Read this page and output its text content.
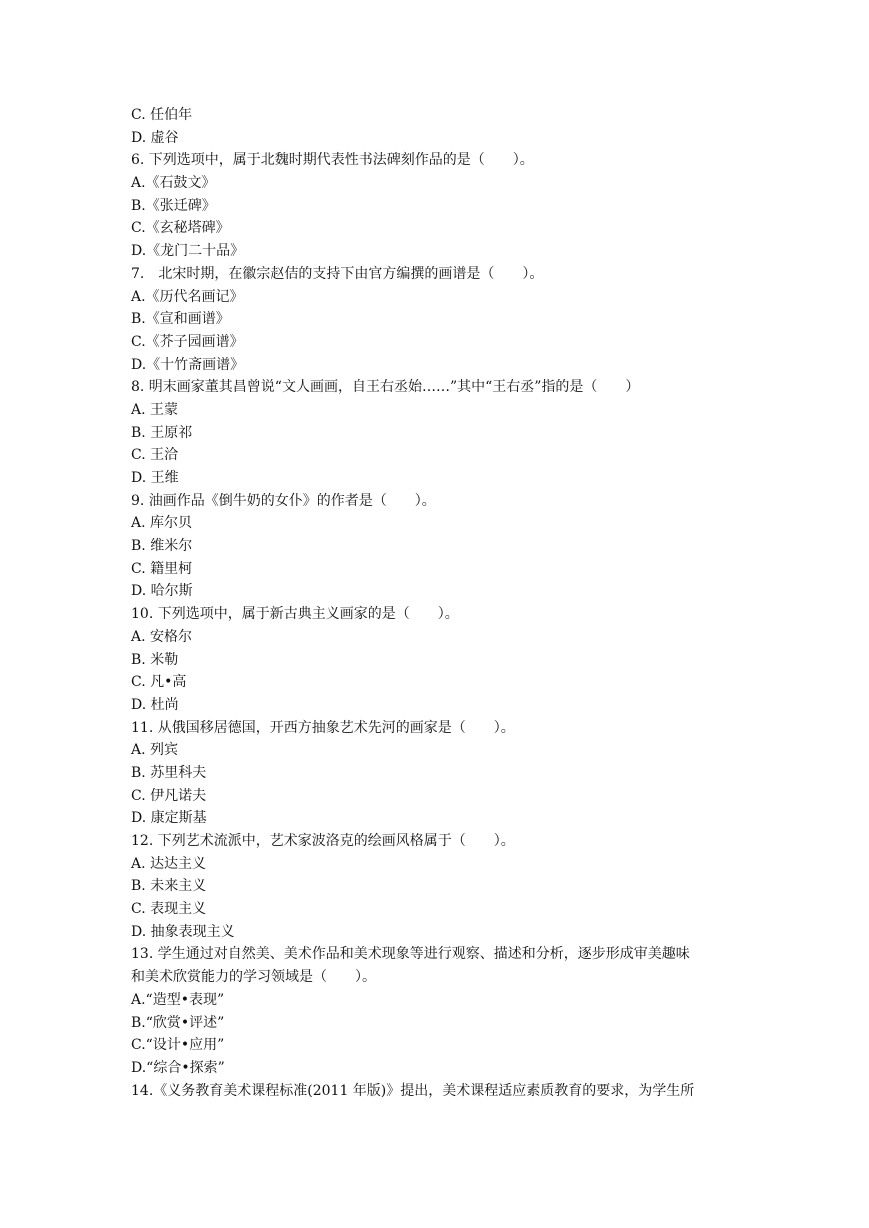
C. 任伯年
D. 虚谷
6. 下列选项中，属于北魏时期代表性书法碑刻作品的是（　　）。
A.《石鼓文》
B.《张迁碑》
C.《玄秘塔碑》
D.《龙门二十品》
7.　北宋时期，在徽宗赵佶的支持下由官方编撰的画谱是（　　）。
A.《历代名画记》
B.《宣和画谱》
C.《芥子园画谱》
D.《十竹斋画谱》
8. 明末画家董其昌曾说“文人画画，自王右丞始……”其中“王右丞”指的是（　　）
A. 王蒙
B. 王原祁
C. 王洽
D. 王维
9. 油画作品《倒牛奶的女仆》的作者是（　　）。
A. 库尔贝
B. 维米尔
C. 籍里柯
D. 哈尔斯
10. 下列选项中，属于新古典主义画家的是（　　）。
A. 安格尔
B. 米勒
C. 凡•高
D. 杜尚
11. 从俄国移居德国，开西方抽象艺术先河的画家是（　　）。
A. 列宾
B. 苏里科夫
C. 伊凡诺夫
D. 康定斯基
12. 下列艺术流派中，艺术家波洛克的绘画风格属于（　　）。
A. 达达主义
B. 未来主义
C. 表现主义
D. 抽象表现主义
13. 学生通过对自然美、美术作品和美术现象等进行观察、描述和分析，逐步形成审美趣味
和美术欣赏能力的学习领域是（　　）。
A.“造型•表现”
B.“欣赏•评述”
C.“设计•应用”
D.“综合•探索”
14.《义务教育美术课程标准(2011 年版)》提出，美术课程适应素质教育的要求，为学生所
